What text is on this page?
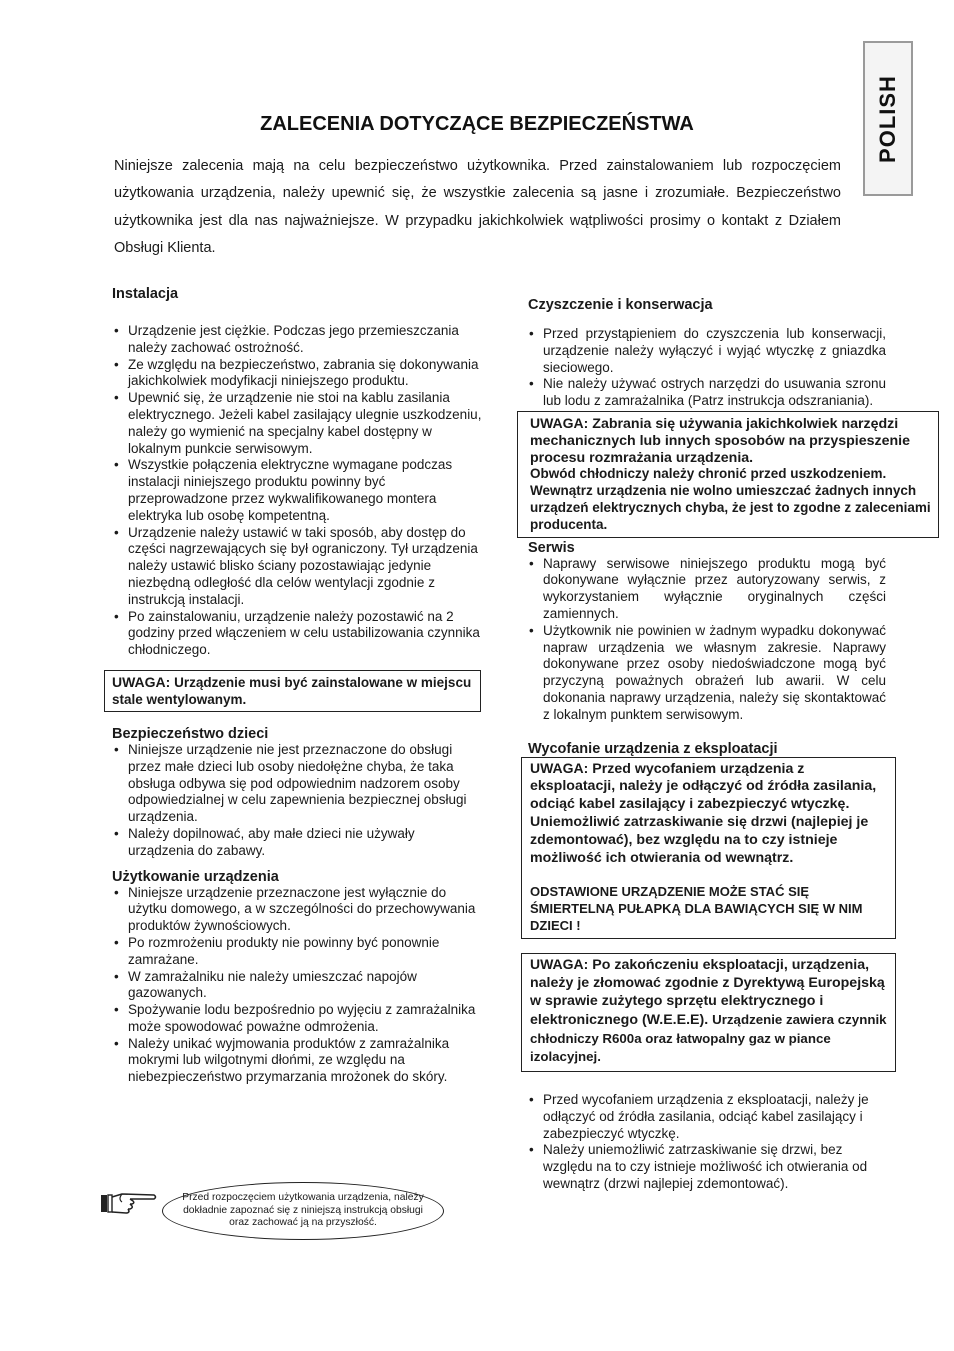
POLISH
ZALECENIA DOTYCZĄCE BEZPIECZEŃSTWA

Niniejsze zalecenia mają na celu bezpieczeństwo użytkownika. Przed zainstalowaniem lub rozpoczęciem użytkowania urządzenia, należy upewnić się, że wszystkie zalecenia są jasne i zrozumiałe. Bezpieczeństwo użytkownika jest dla nas najważniejsze. W przypadku jakichkolwiek wątpliwości prosimy o kontakt z Działem Obsługi Klienta.

Instalacja
• Urządzenie jest ciężkie. Podczas jego przemieszczania należy zachować ostrożność.
• Ze względu na bezpieczeństwo, zabrania się dokonywania jakichkolwiek modyfikacji niniejszego produktu.
• Upewnić się, że urządzenie nie stoi na kablu zasilania elektrycznego. Jeżeli kabel zasilający ulegnie uszkodzeniu, należy go wymienić na specjalny kabel dostępny w lokalnym punkcie serwisowym.
• Wszystkie połączenia elektryczne wymagane podczas instalacji niniejszego produktu powinny być przeprowadzone przez wykwalifikowanego montera elektryka lub osobę kompetentną.
• Urządzenie należy ustawić w taki sposób, aby dostęp do części nagrzewających się był ograniczony. Tył urządzenia należy ustawić blisko ściany pozostawiając jedynie niezbędną odległość dla celów wentylacji zgodnie z instrukcją instalacji.
• Po zainstalowaniu, urządzenie należy pozostawić na 2 godziny przed włączeniem w celu ustabilizowania czynnika chłodniczego.

UWAGA: Urządzenie musi być zainstalowane w miejscu stale wentylowanym.

Bezpieczeństwo dzieci
• Niniejsze urządzenie nie jest przeznaczone do obsługi przez małe dzieci lub osoby niedołężne chyba, że taka obsługa odbywa się pod odpowiednim nadzorem osoby odpowiedzialnej w celu zapewnienia bezpiecznej obsługi urządzenia.
• Należy dopilnować, aby małe dzieci nie używały urządzenia do zabawy.
Użytkowanie urządzenia
• Niniejsze urządzenie przeznaczone jest wyłącznie do użytku domowego, a w szczególności do przechowywania produktów żywnościowych.
• Po rozmrożeniu produkty nie powinny być ponownie zamrażane.
• W zamrażalniku nie należy umieszczać napojów gazowanych.
• Spożywanie lodu bezpośrednio po wyjęciu z zamrażalnika może spowodować poważne odmrożenia.
• Należy unikać wyjmowania produktów z zamrażalnika mokrymi lub wilgotnymi dłońmi, ze względu na niebezpieczeństwo przymarzania mrożonek do skóry.
Przed rozpoczęciem użytkowania urządzenia, należy dokładnie zapoznać się z niniejszą instrukcją obsługi oraz zachować ją na przyszłość.
Czyszczenie i konserwacja
• Przed przystąpieniem do czyszczenia lub konserwacji, urządzenie należy wyłączyć i wyjąć wtyczkę z gniazdka sieciowego.
• Nie należy używać ostrych narzędzi do usuwania szronu lub lodu z zamrażalnika (Patrz instrukcja odszraniania).

UWAGA: Zabrania się używania jakichkolwiek narzędzi mechanicznych lub innych sposobów na przyspieszenie procesu rozmrażania urządzenia.

Obwód chłodniczy należy chronić przed uszkodzeniem. Wewnątrz urządzenia nie wolno umieszczać żadnych innych urządzeń elektrycznych chyba, że jest to zgodne z zaleceniami producenta.

Serwis
• Naprawy serwisowe niniejszego produktu mogą być dokonywane wyłącznie przez autoryzowany serwis, z wykorzystaniem wyłącznie oryginalnych części zamiennych.
• Użytkownik nie powinien w żadnym wypadku dokonywać napraw urządzenia we własnym zakresie. Naprawy dokonywane przez osoby niedoświadczone mogą być przyczyną poważnych obrażeń lub awarii. W celu dokonania naprawy urządzenia, należy się skontaktować z lokalnym punktem serwisowym.
Wycofanie urządzenia z eksploatacji

UWAGA: Przed wycofaniem urządzenia z eksploatacji, należy je odłączyć od źródła zasilania, odciąć kabel zasilający i zabezpieczyć wtyczkę. Uniemożliwić zatrzaskiwanie się drzwi (najlepiej je zdemontować), bez względu na to czy istnieje możliwość ich otwierania od wewnątrz.

ODSTAWIONE URZĄDZENIE MOŻE STAĆ SIĘ ŚMIERTELNĄ PUŁAPKĄ DLA BAWIĄCYCH SIĘ W NIM DZIECI !

UWAGA: Po zakończeniu eksploatacji, urządzenia, należy je złomować zgodnie z Dyrektywą Europejską w sprawie zużytego sprzętu elektrycznego i elektronicznego (W.E.E.E). Urządzenie zawiera czynnik chłodniczy R600a oraz łatwopalny gaz w piance izolacyjnej.

• Przed wycofaniem urządzenia z eksploatacji, należy je odłączyć od źródła zasilania, odciąć kabel zasilający i zabezpieczyć wtyczkę.
• Należy uniemożliwić zatrzaskiwanie się drzwi, bez względu na to czy istnieje możliwość ich otwierania od wewnątrz (drzwi najlepiej zdemontować).
